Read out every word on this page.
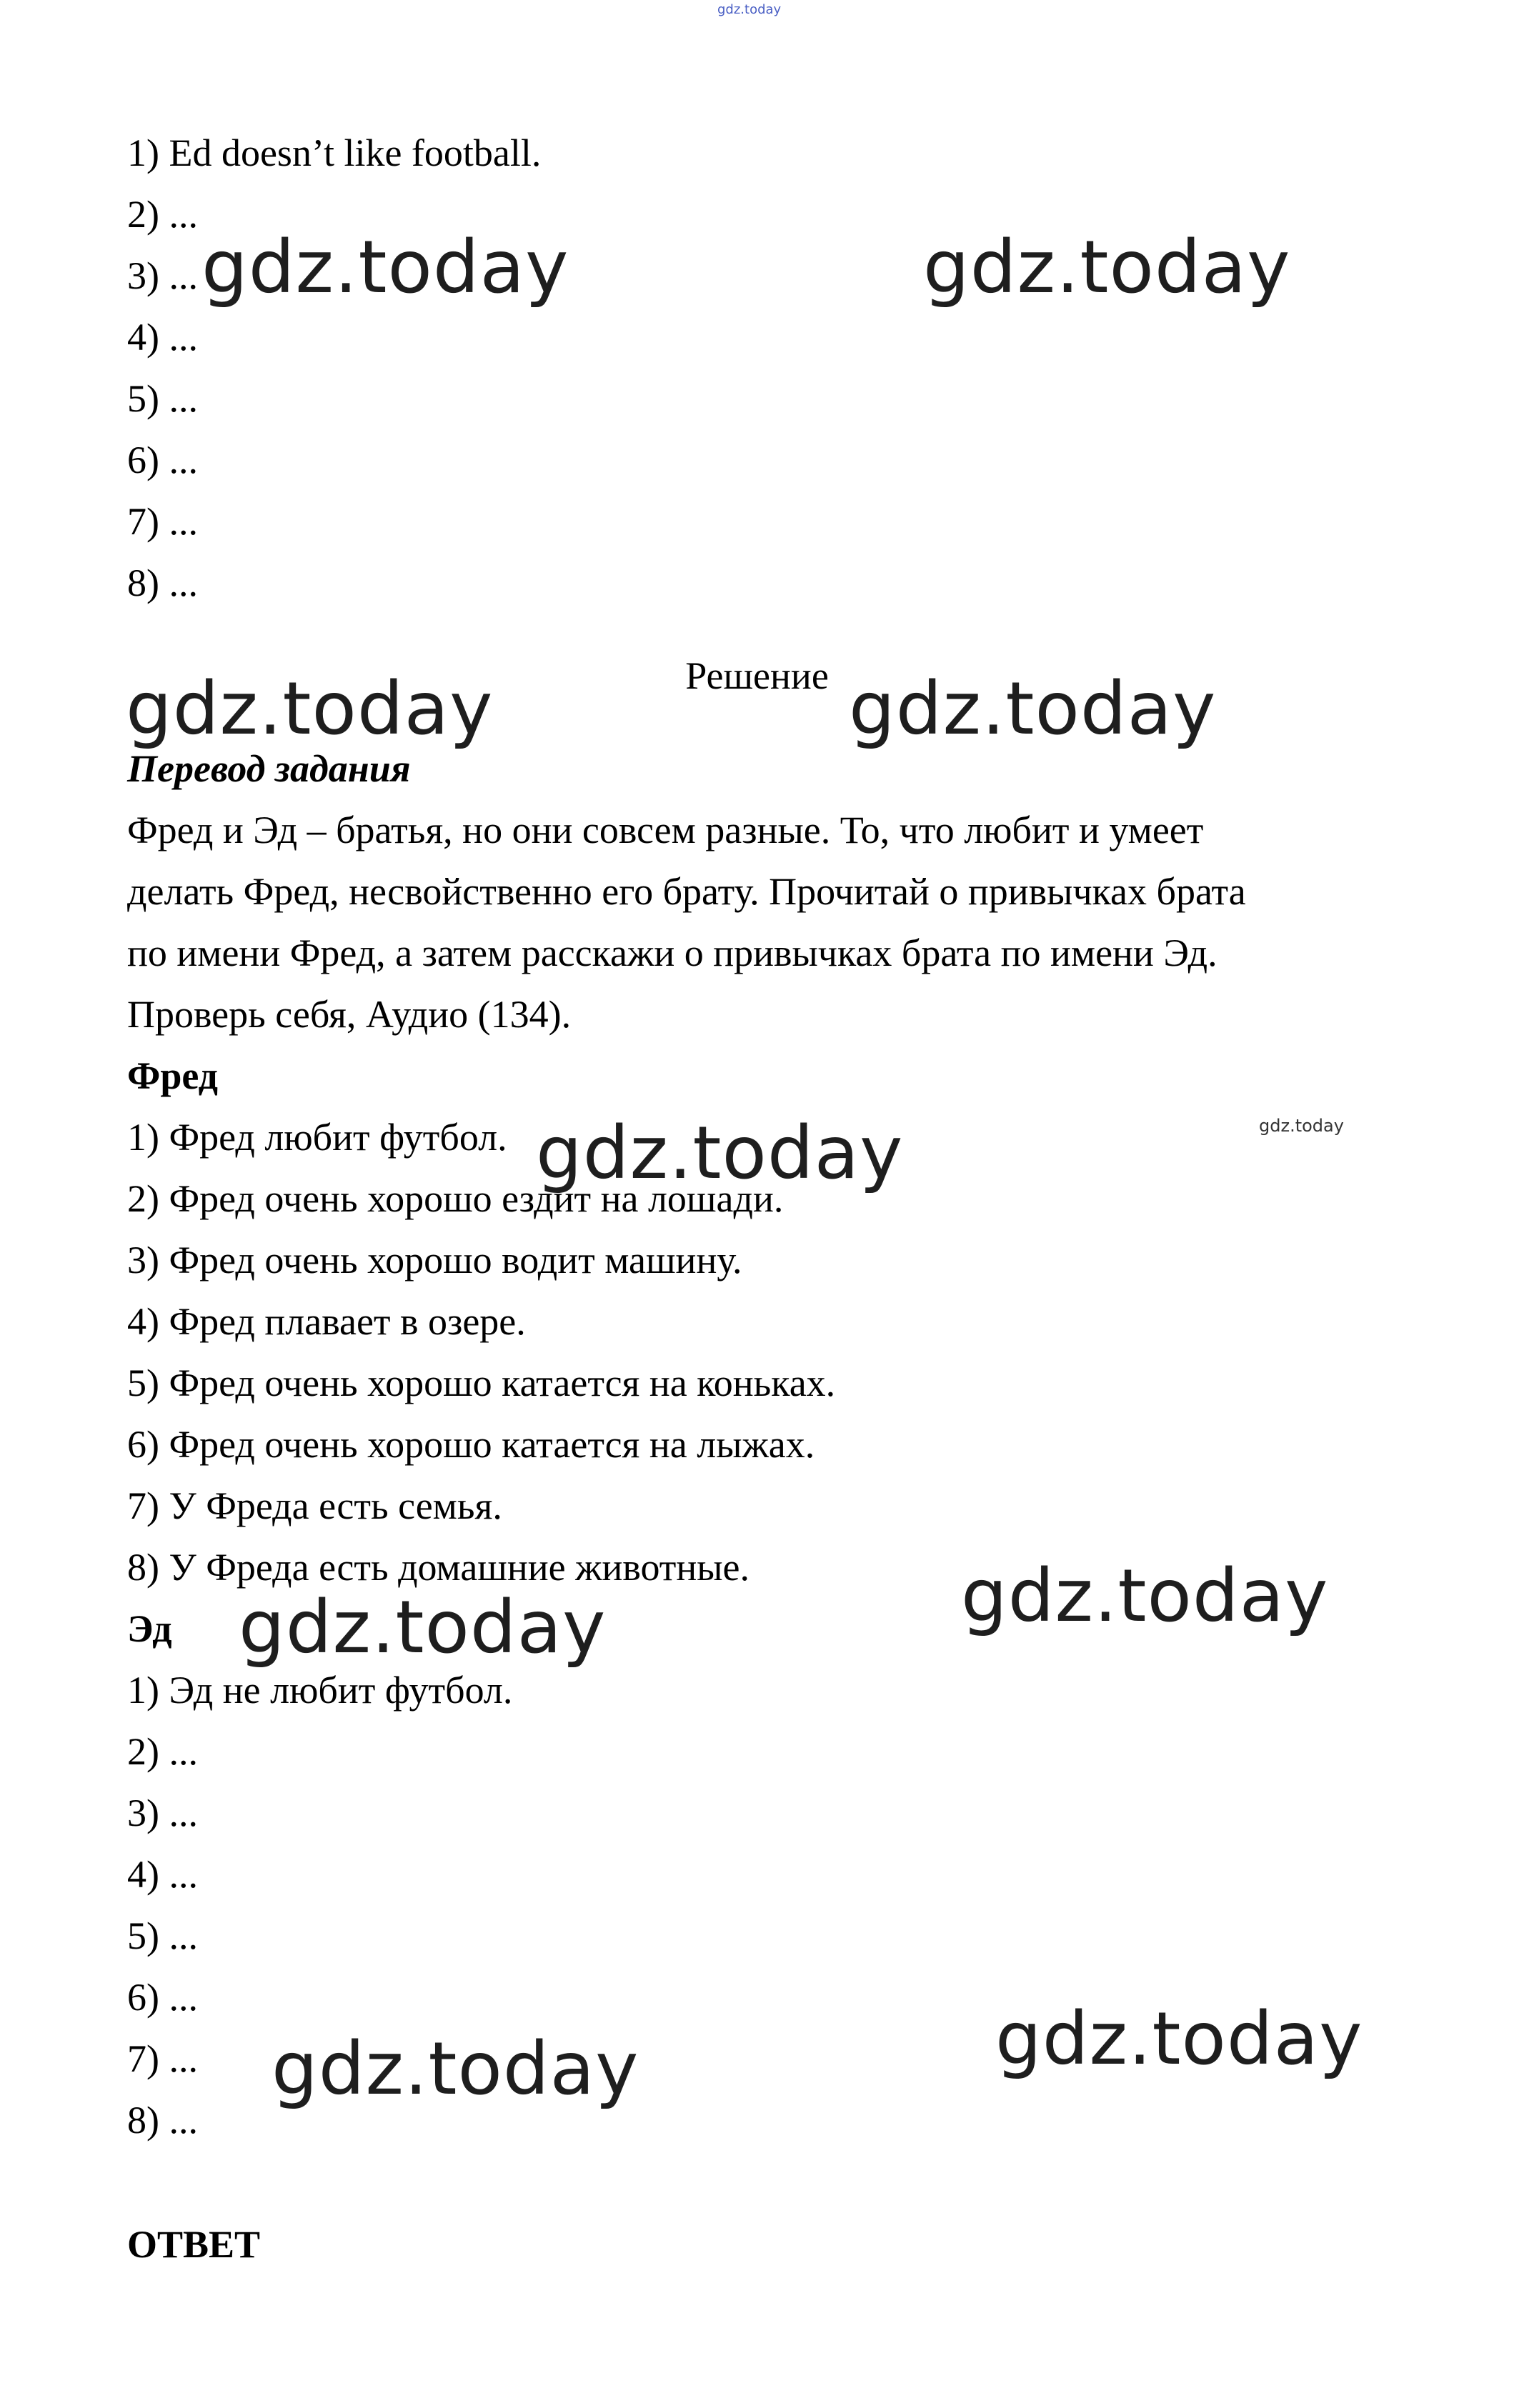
gdz.today
1) Ed doesn’t like football.
2) ...
3) ...
4) ...
5) ...
6) ...
7) ...
8) ...
Решение
Перевод задания
Фред и Эд – братья, но они совсем разные. То, что любит и умеет
делать Фред, несвойственно его брату. Прочитай о привычках брата
по имени Фред, а затем расскажи о привычках брата по имени Эд.
Проверь себя, Аудио (134).
Фред
1) Фред любит футбол.
2) Фред очень хорошо ездит на лошади.
3) Фред очень хорошо водит машину.
4) Фред плавает в озере.
5) Фред очень хорошо катается на коньках.
6) Фред очень хорошо катается на лыжах.
7) У Фреда есть семья.
8) У Фреда есть домашние животные.
Эд
1) Эд не любит футбол.
2) ...
3) ...
4) ...
5) ...
6) ...
7) ...
8) ...
ОТВЕТ
gdz.today	gdz.today
gdz.today	gdz.today
gdz.today	gdz.today
gdz.today
gdz.today
gdz.today
gdz.today
